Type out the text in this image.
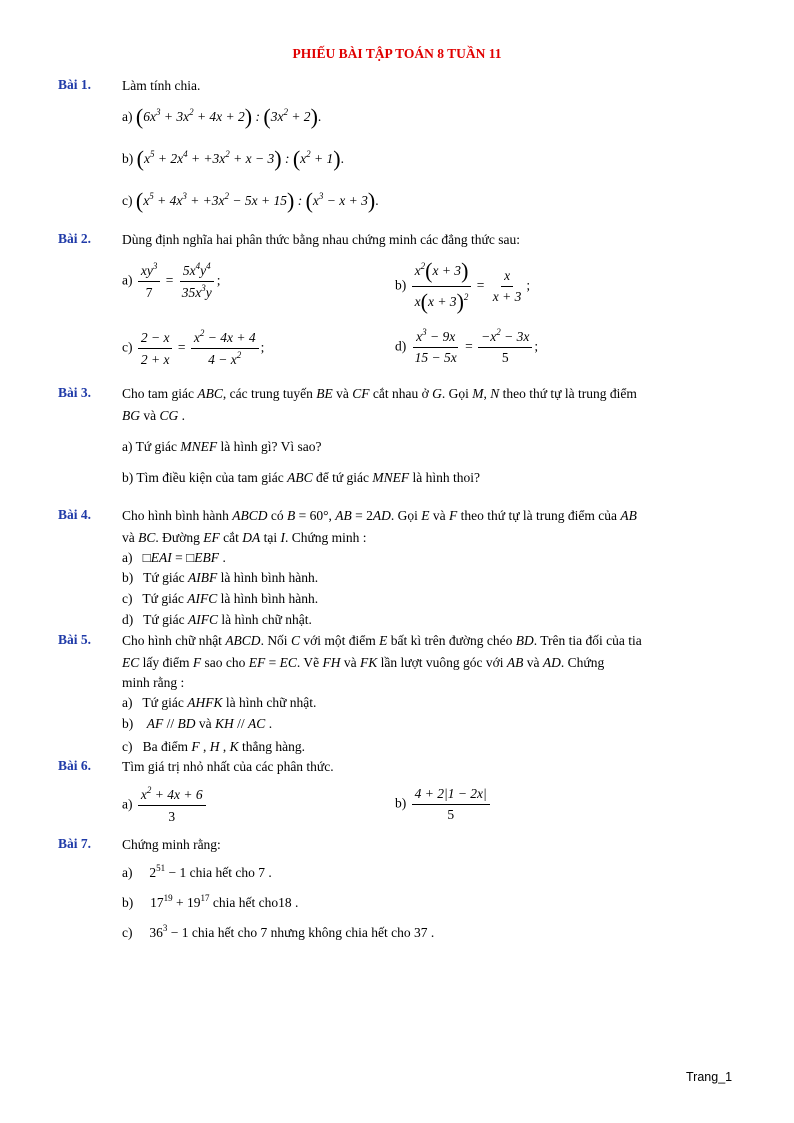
PHIẾU BÀI TẬP TOÁN 8 TUẦN 11
Bài 1. Làm tính chia.
a) $(6x^3 + 3x^2 + 4x + 2)$ : $(3x^2 + 2)$.
b) $(x^5 + 2x^4 + +3x^2 + x - 3)$ : $(x^2 + 1)$.
c) $(x^5 + 4x^3 + +3x^2 - 5x + 15)$ : $(x^3 - x + 3)$.
Bài 2. Dùng định nghĩa hai phân thức bằng nhau chứng minh các đẳng thức sau:
$a) \frac{xy^3}{7} = \frac{5x^4y^4}{35x^3y}$ ;	$b) \frac{x^2(x + 3)}{x(x + 3)^2} = \frac{x}{x + 3}$ ;
$c) \frac{2 - x}{2 + x} = \frac{x^2 - 4x + 4}{4 - x^2}$ ;	$d) \frac{x^3 - 9x}{15 - 5x} = \frac{-x^2 - 3x}{5}$ ;
Bài 3. Cho tam giác ABC, các trung tuyến BE và CF cắt nhau ở G. Gọi M, N theo thứ tự là trung điểm
BG và CG .
a) Tứ giác MNEF là hình gì? Vì sao?
b) Tìm điều kiện của tam giác ABC để tứ giác MNEF là hình thoi?
Bài 4. Cho hình bình hành ABCD có B = 60°, AB = 2AD. Gọi E và F theo thứ tự là trung điểm của AB
và BC. Đường EF cắt DA tại I. Chứng minh :
a) □EAI = □EBF .
b) Tứ giác AIBF là hình bình hành.
c) Tứ giác AIFC là hình bình hành.
d) Tứ giác AIFC là hình chữ nhật.
Bài 5. Cho hình chữ nhật ABCD. Nối C với một điểm E bất kì trên đường chéo BD. Trên tia đối của tia
EC lấy điểm F sao cho EF = EC. Vẽ FH và FK lần lượt vuông góc với AB và AD. Chứng
minh rằng :
a) Tứ giác AHFK là hình chữ nhật.
b) AF // BD và KH // AC .
c) Ba điểm F , H , K thẳng hàng.
Bài 6. Tìm giá trị nhỏ nhất của các phân thức.
$a) \frac{x^2 + 4x + 6}{3}$	$b) \frac{4 + 2|1 - 2x|}{5}$
Bài 7. Chứng minh rằng:
a)     $2^{51} - 1$ chia hết cho 7 .
b)     $17^{19} + 19^{17}$ chia hết cho18 .
c)     $36^3 - 1$ chia hết cho 7 nhưng không chia hết cho 37 .
Trang_1
